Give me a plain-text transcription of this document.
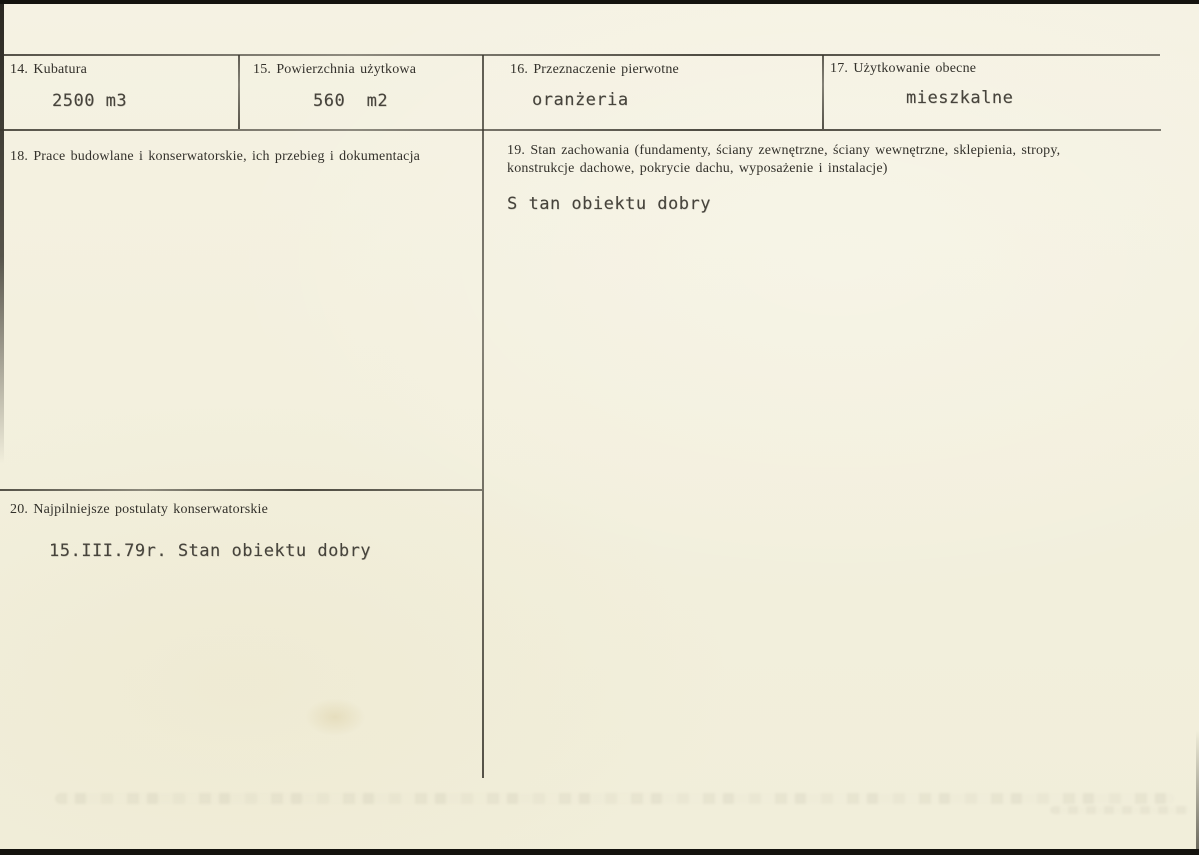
14. Kubatura
2500 m3
15. Powierzchnia użytkowa
560  m2
16. Przeznaczenie pierwotne
oranżeria
17. Użytkowanie obecne
mieszkalne
18. Prace budowlane i konserwatorskie, ich przebieg i dokumentacja	19. Stan zachowania (fundamenty, ściany zewnętrzne, ściany wewnętrzne, sklepienia, stropy, konstrukcje dachowe, pokrycie dachu, wyposażenie i instalacje)
S tan obiektu dobry
20. Najpilniejsze postulaty konserwatorskie
15.III.79r. Stan obiektu dobry
